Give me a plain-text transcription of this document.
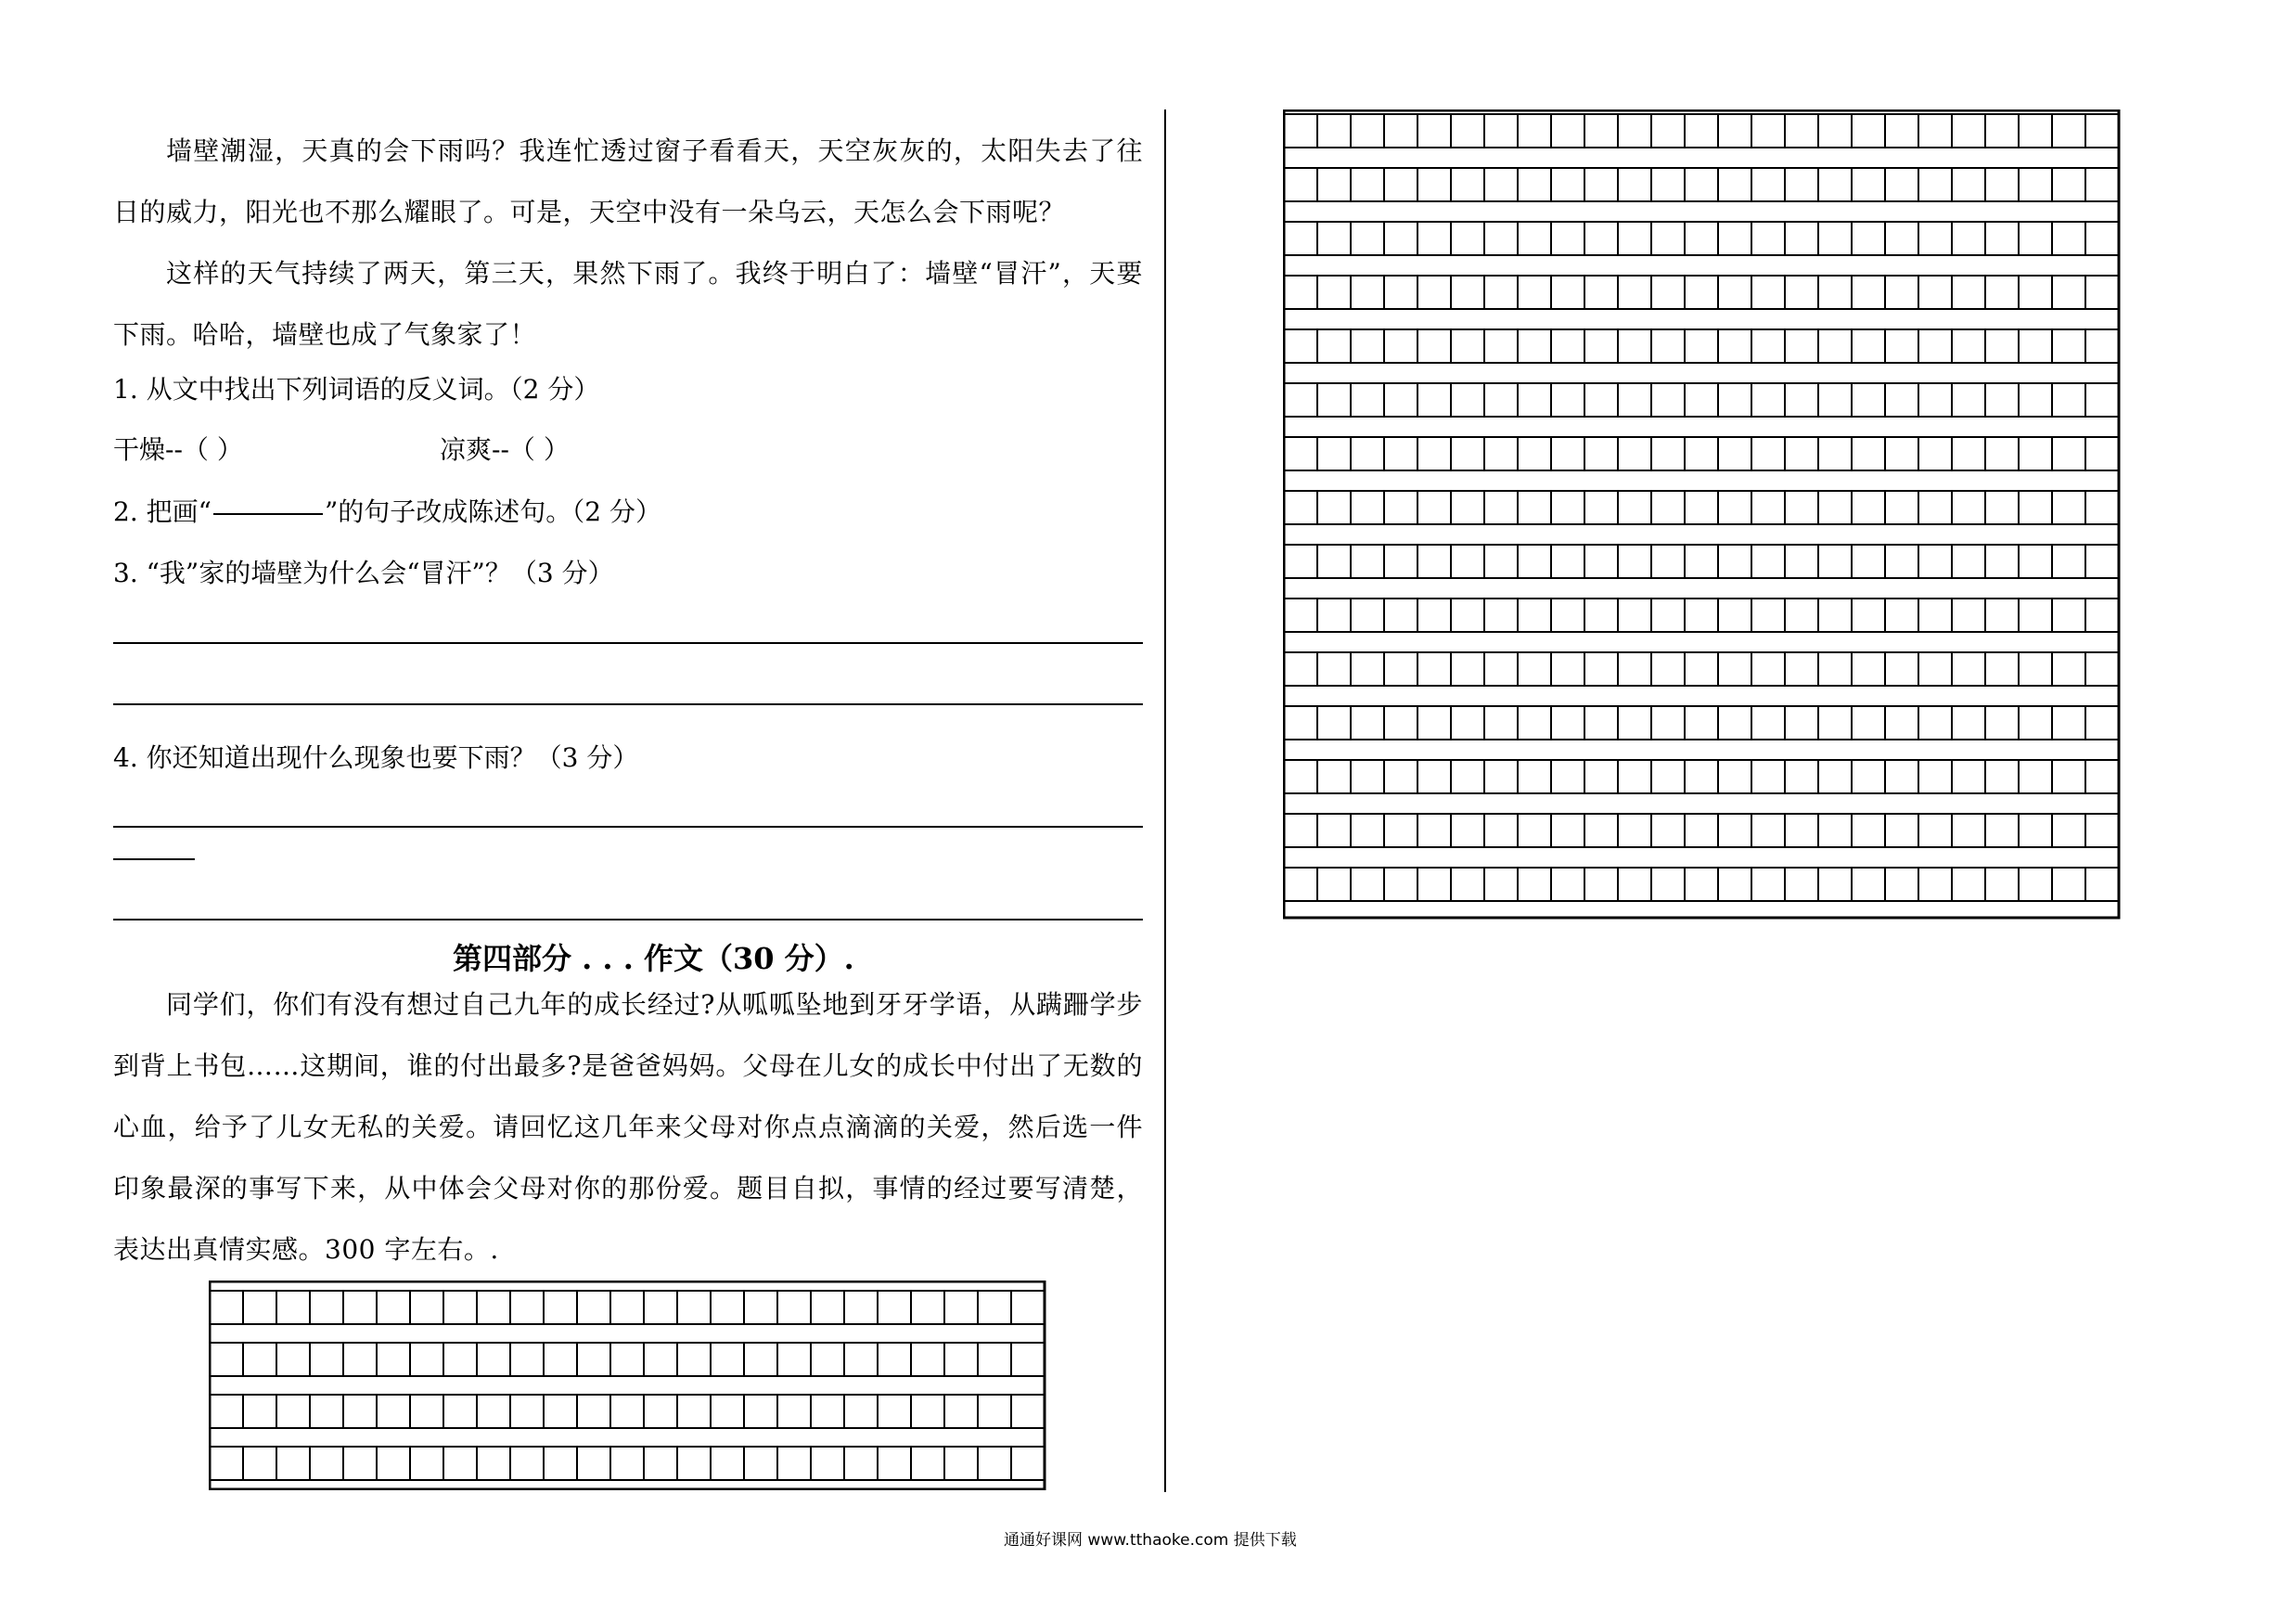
墙壁潮湿，天真的会下雨吗？我连忙透过窗子看看天，天空灰灰的，太阳失去了往日的威力，阳光也不那么耀眼了。可是，天空中没有一朵乌云，天怎么会下雨呢？

这样的天气持续了两天，第三天，果然下雨了。我终于明白了：墙壁“冒汗”，天要下雨。哈哈，墙壁也成了气象家了！

1. 从文中找出下列词语的反义词。（2 分）
干燥--（ ）	凉爽--（ ）
2. 把画“	”的句子改成陈述句。（2 分）
3. “我”家的墙壁为什么会“冒汗”？（3 分）
4. 你还知道出现什么现象也要下雨？（3 分）
第四部分 . . . 作文（30 分）.

同学们，你们有没有想过自己九年的成长经过?从呱呱坠地到牙牙学语，从蹒跚学步到背上书包……这期间，谁的付出最多?是爸爸妈妈。父母在儿女的成长中付出了无数的心血，给予了儿女无私的关爱。请回忆这几年来父母对你点点滴滴的关爱，然后选一件印象最深的事写下来，从中体会父母对你的那份爱。题目自拟，事情的经过要写清楚，表达出真情实感。300 字左右。.

通通好课网 www.tthaoke.com 提供下载
